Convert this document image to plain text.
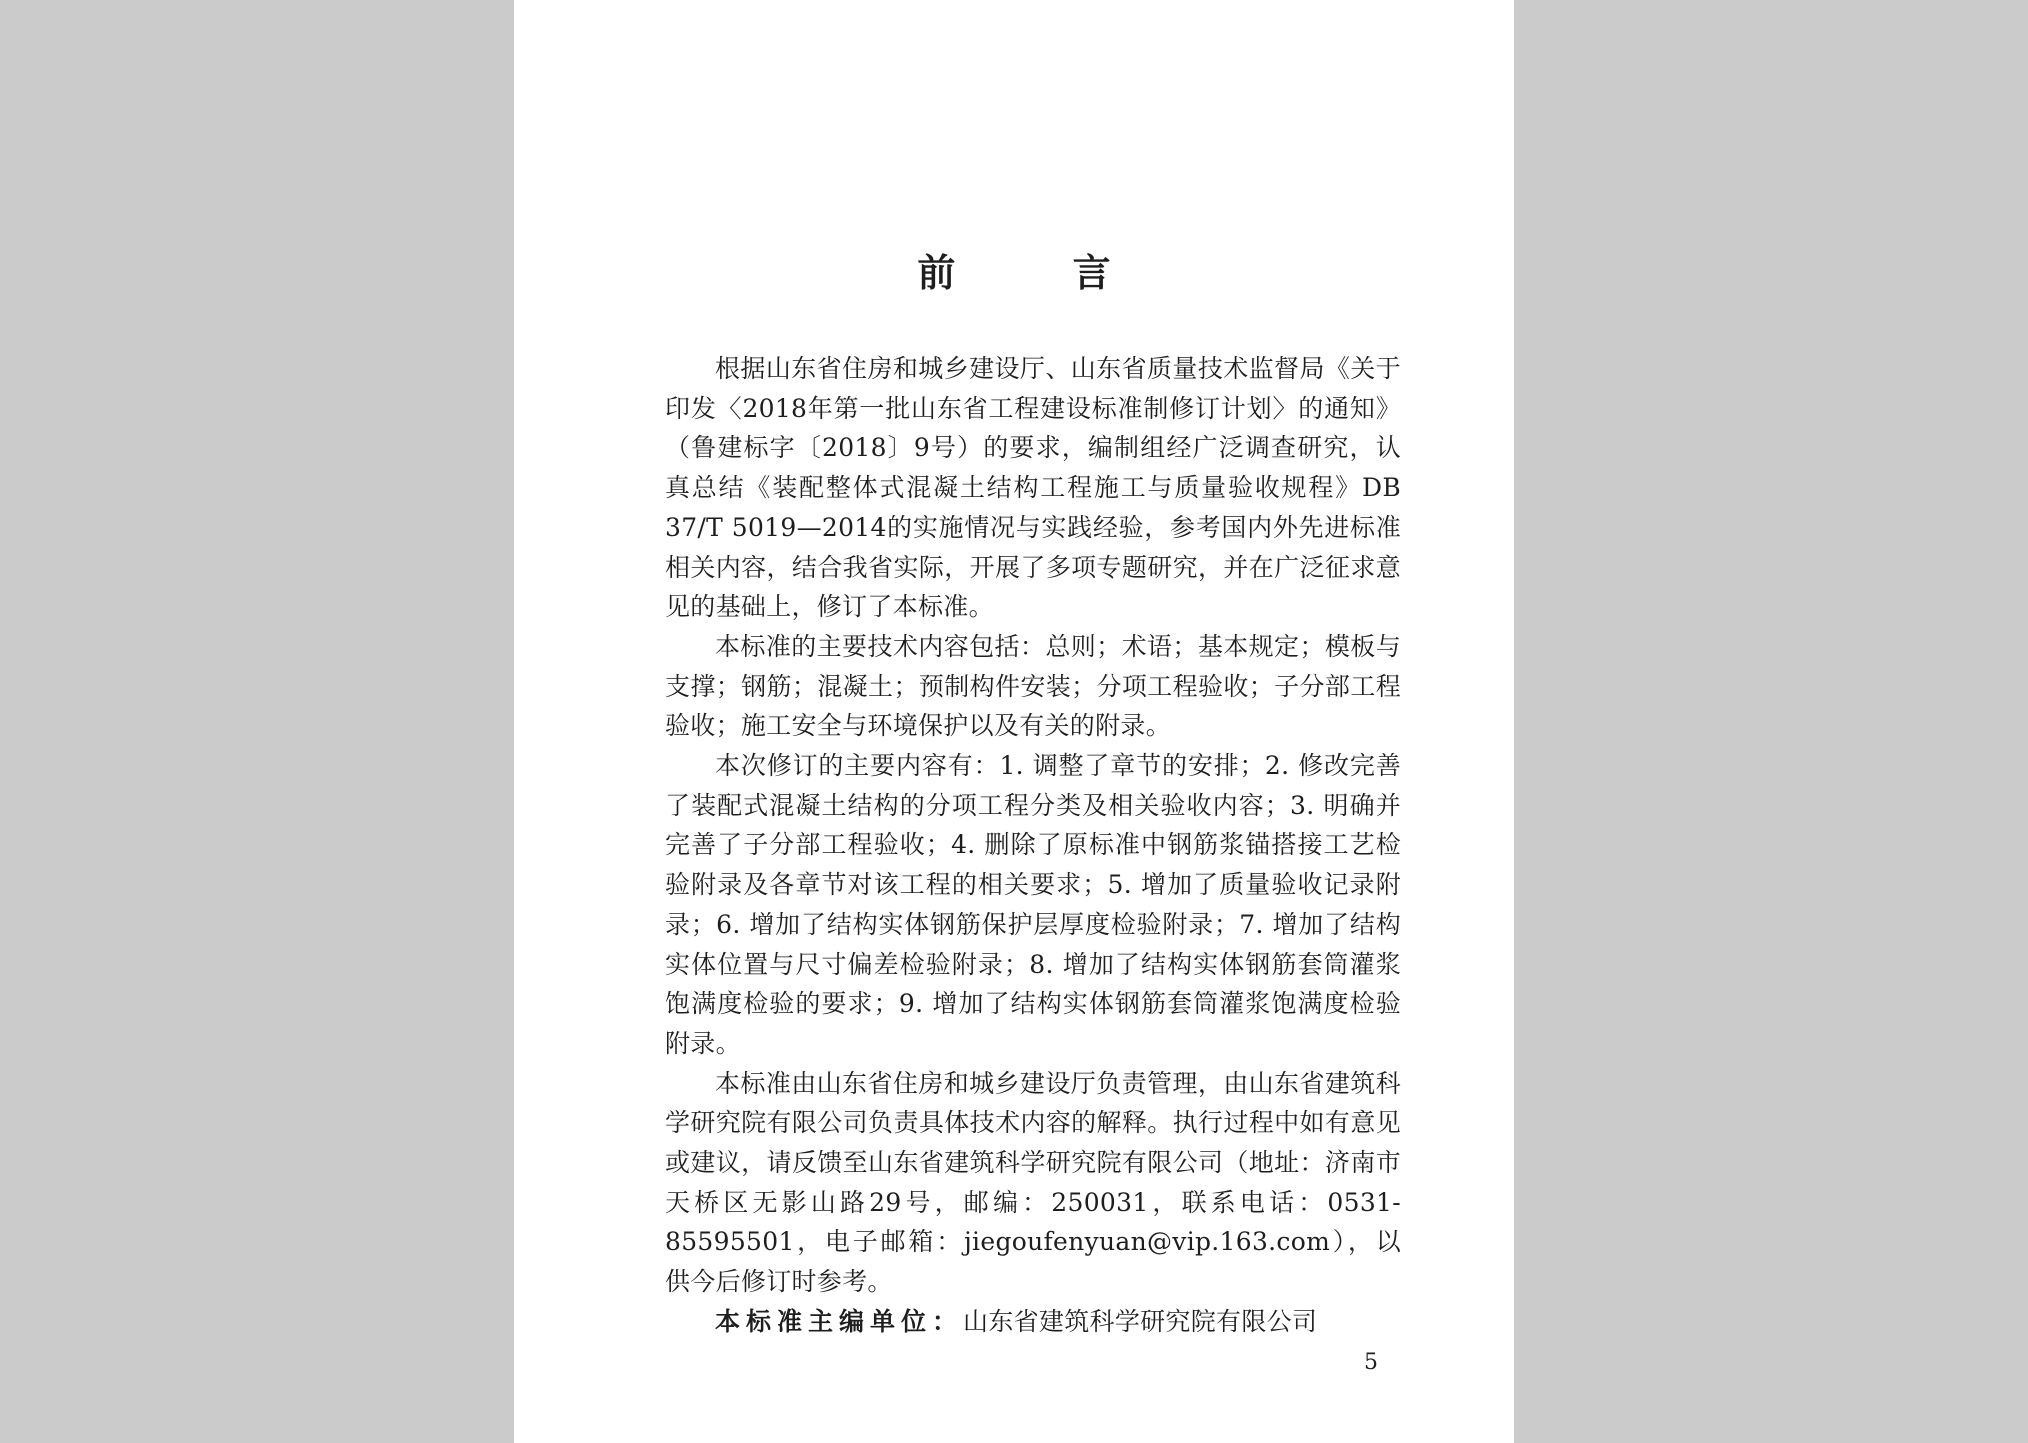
前 言

根据山东省住房和城乡建设厅、山东省质量技术监督局《关于印发〈2018年第一批山东省工程建设标准制修订计划〉的通知》（鲁建标字〔2018〕9号）的要求，编制组经广泛调查研究，认真总结《装配整体式混凝土结构工程施工与质量验收规程》DB 37/T 5019—2014的实施情况与实践经验，参考国内外先进标准相关内容，结合我省实际，开展了多项专题研究，并在广泛征求意见的基础上，修订了本标准。

本标准的主要技术内容包括：总则；术语；基本规定；模板与支撑；钢筋；混凝土；预制构件安装；分项工程验收；子分部工程验收；施工安全与环境保护以及有关的附录。

本次修订的主要内容有：1. 调整了章节的安排；2. 修改完善了装配式混凝土结构的分项工程分类及相关验收内容；3. 明确并完善了子分部工程验收；4. 删除了原标准中钢筋浆锚搭接工艺检验附录及各章节对该工程的相关要求；5. 增加了质量验收记录附录；6. 增加了结构实体钢筋保护层厚度检验附录；7. 增加了结构实体位置与尺寸偏差检验附录；8. 增加了结构实体钢筋套筒灌浆饱满度检验的要求；9. 增加了结构实体钢筋套筒灌浆饱满度检验附录。

本标准由山东省住房和城乡建设厅负责管理，由山东省建筑科学研究院有限公司负责具体技术内容的解释。执行过程中如有意见或建议，请反馈至山东省建筑科学研究院有限公司（地址：济南市天桥区无影山路29号，邮编：250031，联系电话：0531-85595501，电子邮箱：jiegoufenyuan@vip.163.com），以供今后修订时参考。

本标准主编单位：山东省建筑科学研究院有限公司

5
